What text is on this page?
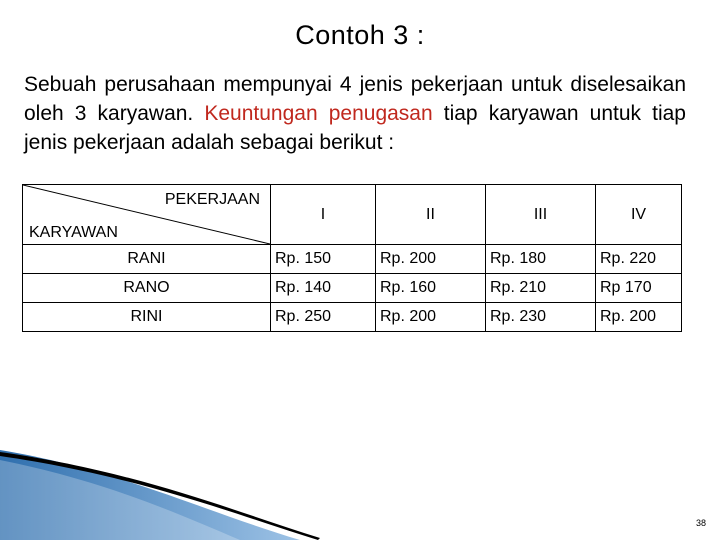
Contoh 3 :
Sebuah perusahaan mempunyai 4 jenis pekerjaan untuk diselesaikan oleh 3 karyawan. Keuntungan penugasan tiap karyawan untuk tiap jenis pekerjaan adalah sebagai berikut :
PEKERJAAN
KARYAWAN	I	II	III	IV
RANI	Rp. 150	Rp. 200	Rp. 180	Rp. 220
RANO	Rp. 140	Rp. 160	Rp. 210	Rp 170
RINI	Rp. 250	Rp. 200	Rp. 230	Rp. 200
38
